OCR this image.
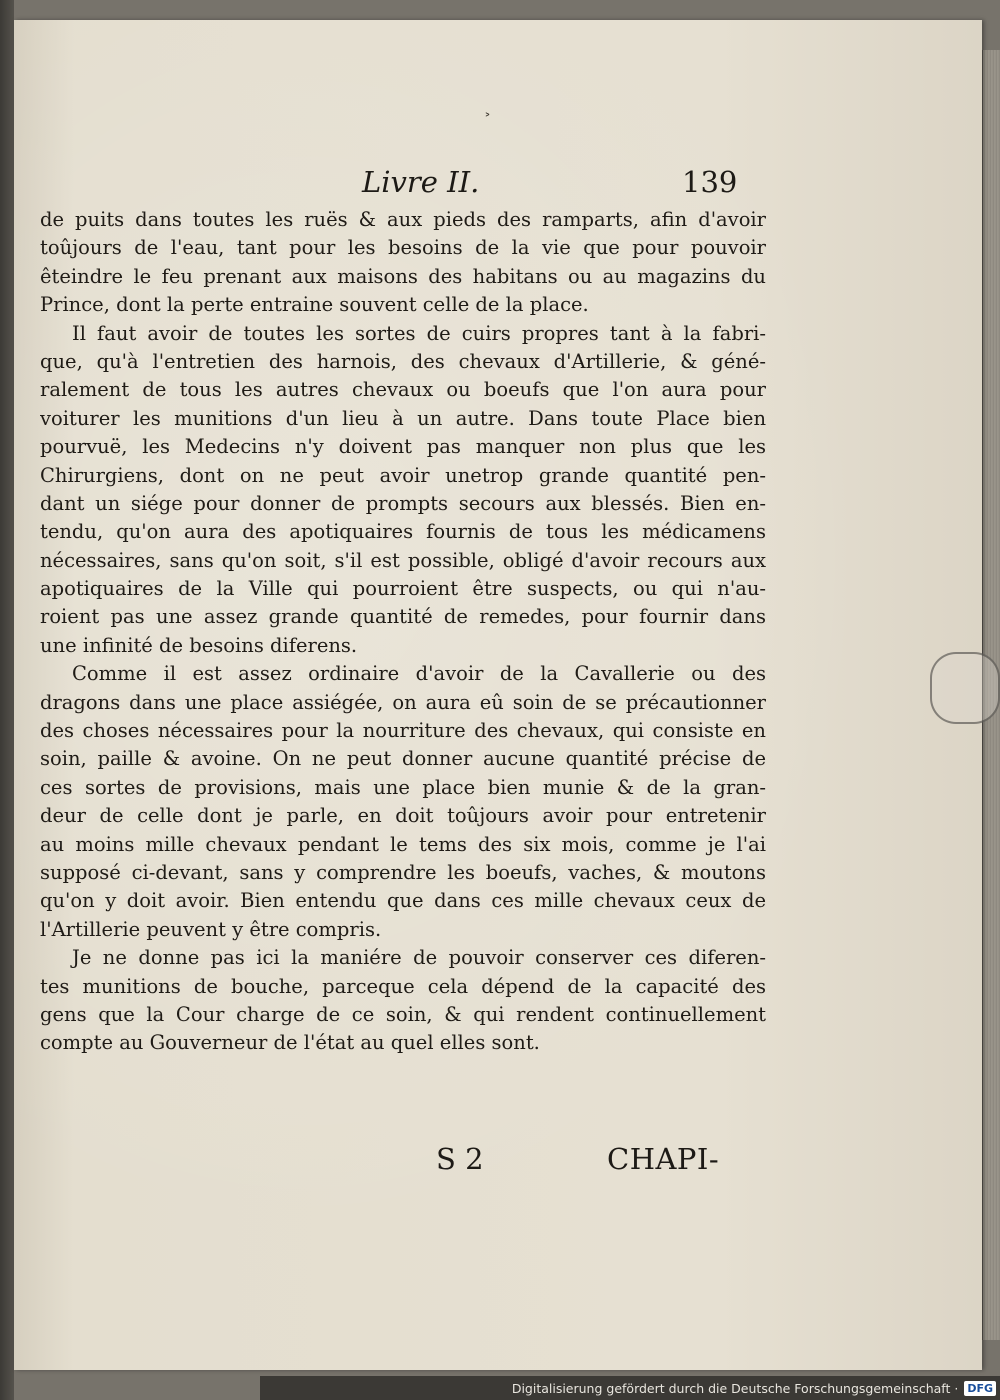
˃
Livre II.	139
de puits dans toutes les ruës & aux pieds des ramparts, afin d'avoir
toûjours de l'eau, tant pour les besoins de la vie que pour pouvoir
êteindre le feu prenant aux maisons des habitans ou au magazins du
Prince, dont la perte entraine souvent celle de la place.
Il faut avoir de toutes les sortes de cuirs propres tant à la fabri-
que, qu'à l'entretien des harnois, des chevaux d'Artillerie, & géné-
ralement de tous les autres chevaux ou boeufs que l'on aura pour
voiturer les munitions d'un lieu à un autre. Dans toute Place bien
pourvuë, les Medecins n'y doivent pas manquer non plus que les
Chirurgiens, dont on ne peut avoir unetrop grande quantité pen-
dant un siége pour donner de prompts secours aux blessés. Bien en-
tendu, qu'on aura des apotiquaires fournis de tous les médicamens
nécessaires, sans qu'on soit, s'il est possible, obligé d'avoir recours aux
apotiquaires de la Ville qui pourroient être suspects, ou qui n'au-
roient pas une assez grande quantité de remedes, pour fournir dans
une infinité de besoins diferens.
Comme il est assez ordinaire d'avoir de la Cavallerie ou des
dragons dans une place assiégée, on aura eû soin de se précautionner
des choses nécessaires pour la nourriture des chevaux, qui consiste en
soin, paille & avoine. On ne peut donner aucune quantité précise de
ces sortes de provisions, mais une place bien munie & de la gran-
deur de celle dont je parle, en doit toûjours avoir pour entretenir
au moins mille chevaux pendant le tems des six mois, comme je l'ai
supposé ci-devant, sans y comprendre les boeufs, vaches, & moutons
qu'on y doit avoir. Bien entendu que dans ces mille chevaux ceux de
l'Artillerie peuvent y être compris.
Je ne donne pas ici la maniére de pouvoir conserver ces diferen-
tes munitions de bouche, parceque cela dépend de la capacité des
gens que la Cour charge de ce soin, & qui rendent continuellement
compte au Gouverneur de l'état au quel elles sont.
S 2	CHAPI-
Digitalisierung gefördert durch die Deutsche Forschungsgemeinschaft · DFG
